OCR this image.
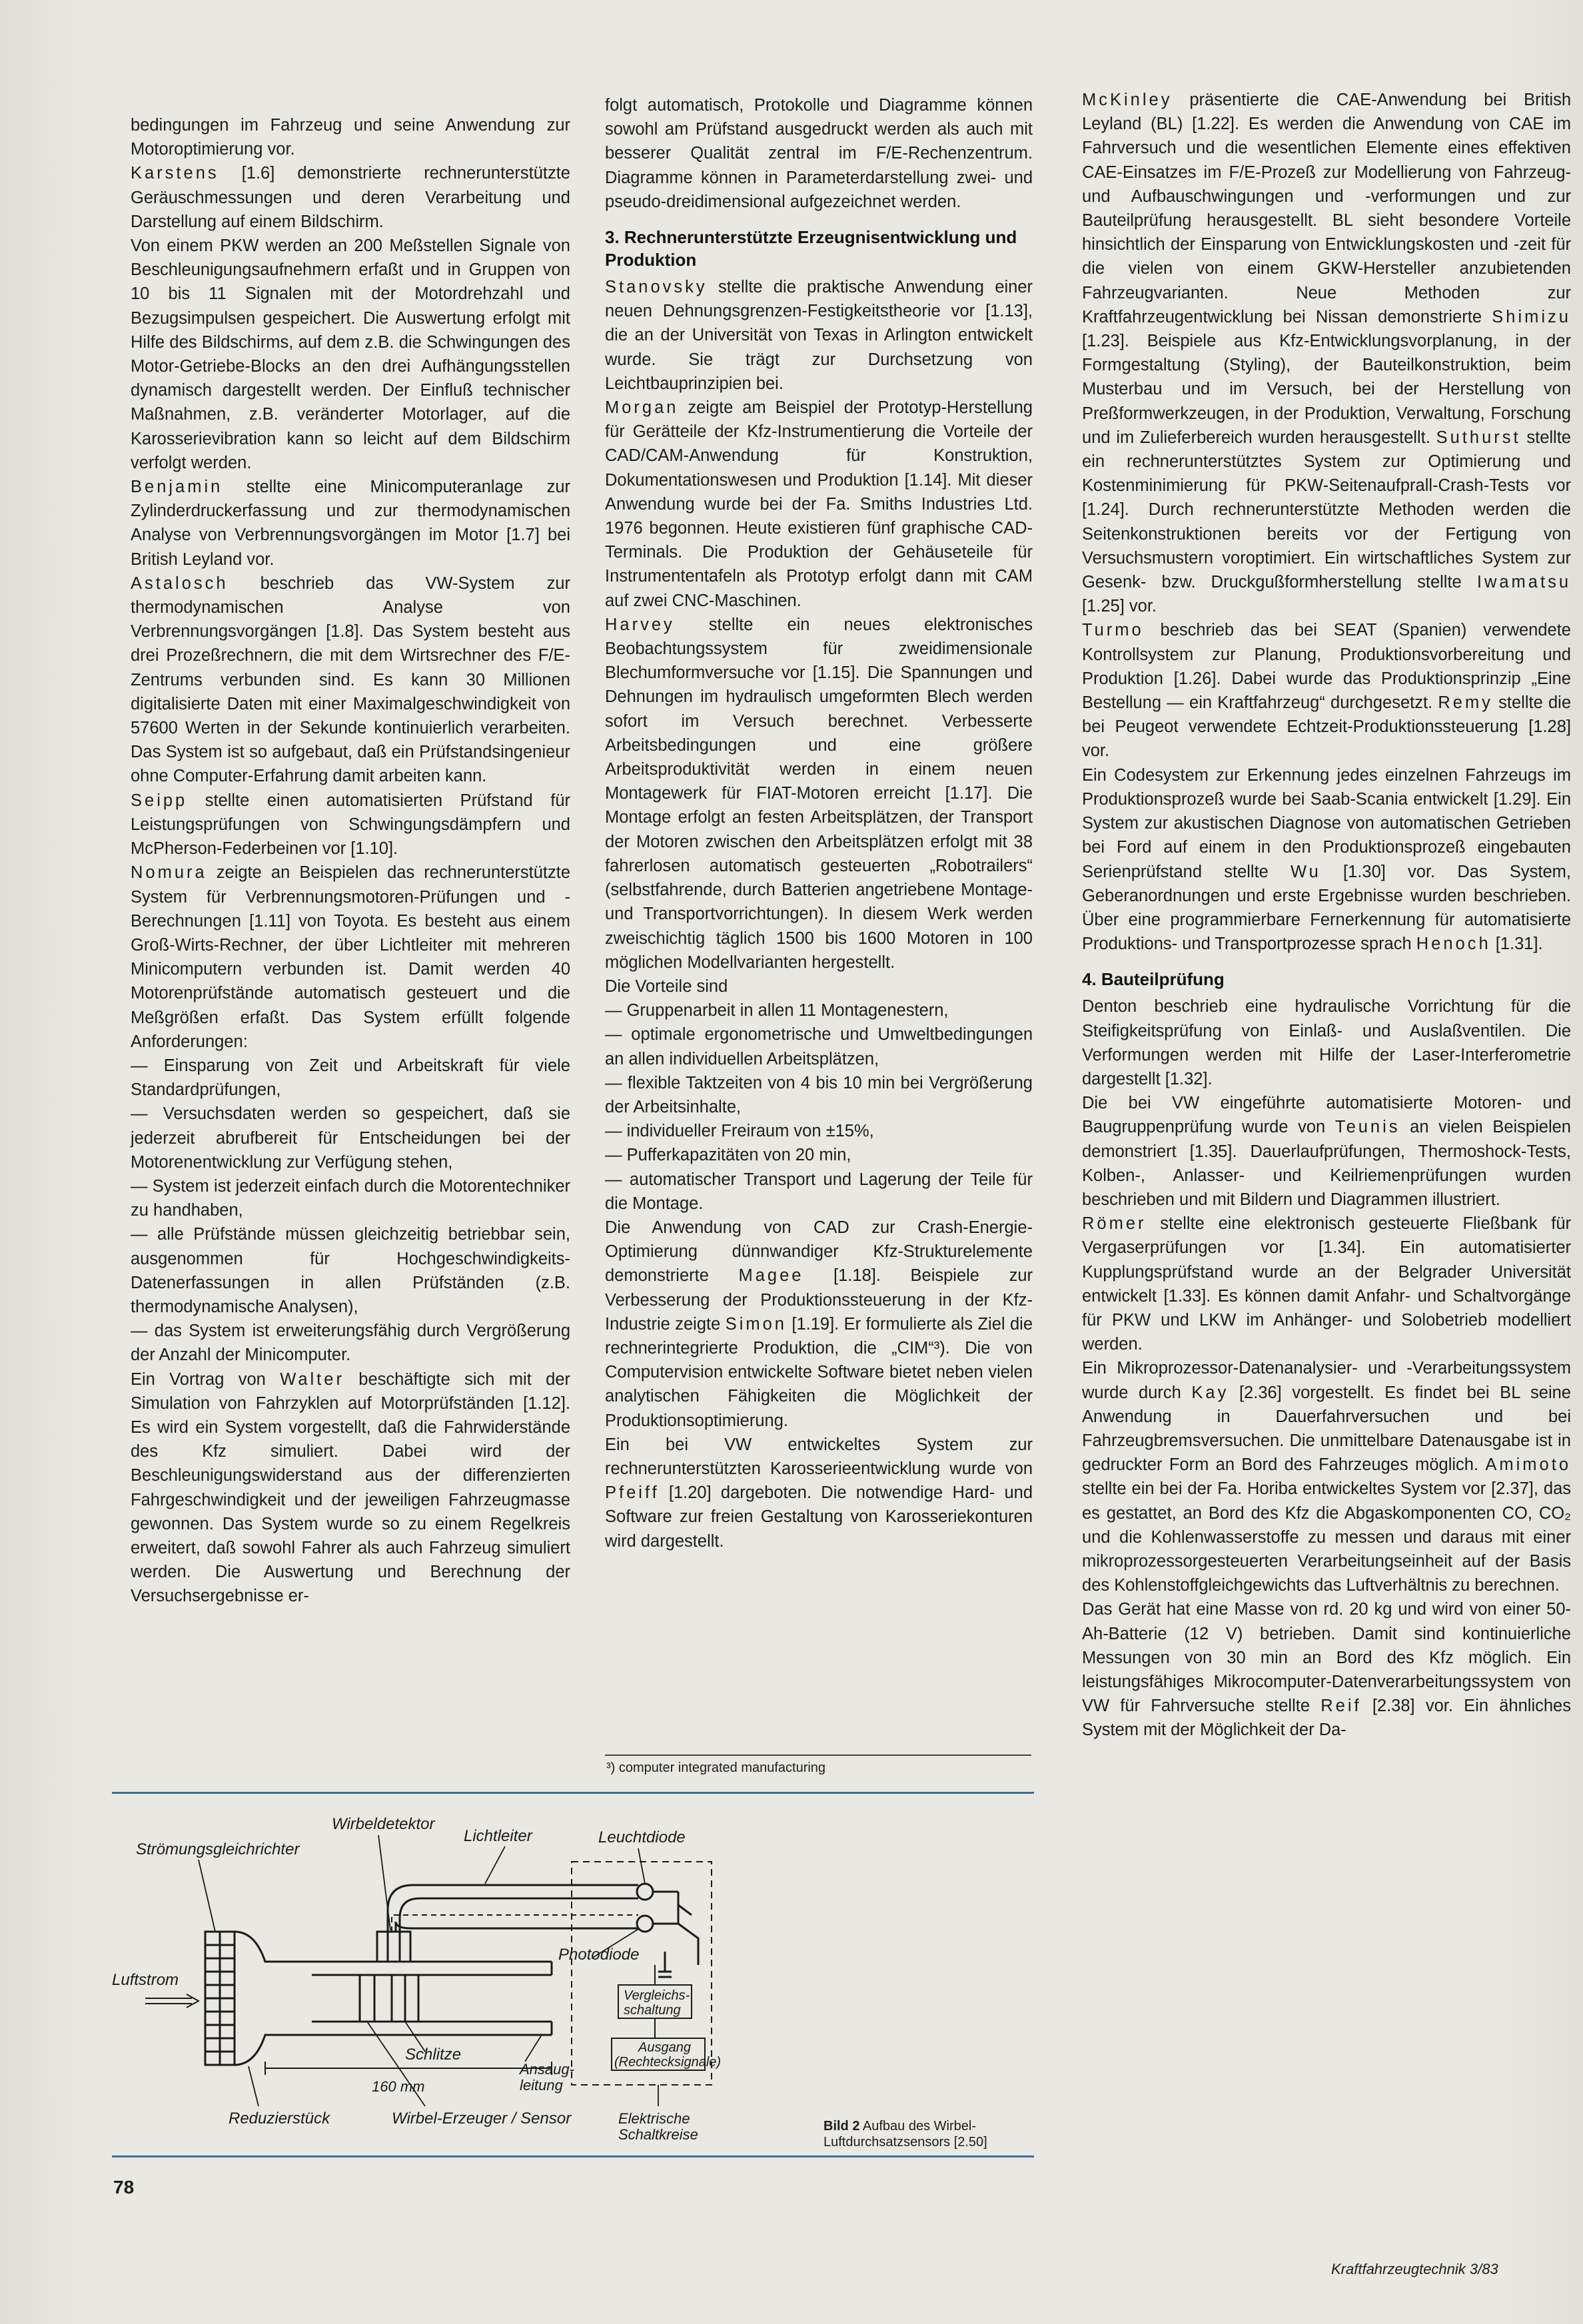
bedingungen im Fahrzeug und seine Anwendung zur Motoroptimierung vor.

Karstens [1.6] demonstrierte rechnerunterstützte Geräuschmessungen und deren Verarbeitung und Darstellung auf einem Bildschirm.

Von einem PKW werden an 200 Meßstellen Signale von Beschleunigungsaufnehmern erfaßt und in Gruppen von 10 bis 11 Signalen mit der Motordrehzahl und Bezugsimpulsen gespeichert. Die Auswertung erfolgt mit Hilfe des Bildschirms, auf dem z.B. die Schwingungen des Motor-Getriebe-Blocks an den drei Aufhängungsstellen dynamisch dargestellt werden. Der Einfluß technischer Maßnahmen, z.B. veränderter Motorlager, auf die Karosserievibration kann so leicht auf dem Bildschirm verfolgt werden.

Benjamin stellte eine Minicomputeranlage zur Zylinderdruckerfassung und zur thermodynamischen Analyse von Verbrennungsvorgängen im Motor [1.7] bei British Leyland vor.

Astalosch beschrieb das VW-System zur thermodynamischen Analyse von Verbrennungsvorgängen [1.8]. Das System besteht aus drei Prozeßrechnern, die mit dem Wirtsrechner des F/E-Zentrums verbunden sind. Es kann 30 Millionen digitalisierte Daten mit einer Maximalgeschwindigkeit von 57600 Werten in der Sekunde kontinuierlich verarbeiten. Das System ist so aufgebaut, daß ein Prüfstandsingenieur ohne Computer-Erfahrung damit arbeiten kann.

Seipp stellte einen automatisierten Prüfstand für Leistungsprüfungen von Schwingungsdämpfern und McPherson-Federbeinen vor [1.10].

Nomura zeigte an Beispielen das rechnerunterstützte System für Verbrennungsmotoren-Prüfungen und -Berechnungen [1.11] von Toyota. Es besteht aus einem Groß-Wirts-Rechner, der über Lichtleiter mit mehreren Minicomputern verbunden ist. Damit werden 40 Motorenprüfstände automatisch gesteuert und die Meßgrößen erfaßt. Das System erfüllt folgende Anforderungen:

— Einsparung von Zeit und Arbeitskraft für viele Standardprüfungen,

— Versuchsdaten werden so gespeichert, daß sie jederzeit abrufbereit für Entscheidungen bei der Motorenentwicklung zur Verfügung stehen,

— System ist jederzeit einfach durch die Motorentechniker zu handhaben,

— alle Prüfstände müssen gleichzeitig betriebbar sein, ausgenommen für Hochgeschwindigkeits-Datenerfassungen in allen Prüfständen (z.B. thermodynamische Analysen),

— das System ist erweiterungsfähig durch Vergrößerung der Anzahl der Minicomputer.

Ein Vortrag von Walter beschäftigte sich mit der Simulation von Fahrzyklen auf Motorprüfständen [1.12]. Es wird ein System vorgestellt, daß die Fahrwiderstände des Kfz simuliert. Dabei wird der Beschleunigungswiderstand aus der differenzierten Fahrgeschwindigkeit und der jeweiligen Fahrzeugmasse gewonnen. Das System wurde so zu einem Regelkreis erweitert, daß sowohl Fahrer als auch Fahrzeug simuliert werden. Die Auswertung und Berechnung der Versuchsergebnisse er-

folgt automatisch, Protokolle und Diagramme können sowohl am Prüfstand ausgedruckt werden als auch mit besserer Qualität zentral im F/E-Rechenzentrum. Diagramme können in Parameterdarstellung zwei- und pseudo-dreidimensional aufgezeichnet werden.

3. Rechnerunterstützte Erzeugnisentwicklung und Produktion

Stanovsky stellte die praktische Anwendung einer neuen Dehnungsgrenzen-Festigkeitstheorie vor [1.13], die an der Universität von Texas in Arlington entwickelt wurde. Sie trägt zur Durchsetzung von Leichtbauprinzipien bei.

Morgan zeigte am Beispiel der Prototyp-Herstellung für Gerätteile der Kfz-Instrumentierung die Vorteile der CAD/CAM-Anwendung für Konstruktion, Dokumentationswesen und Produktion [1.14]. Mit dieser Anwendung wurde bei der Fa. Smiths Industries Ltd. 1976 begonnen. Heute existieren fünf graphische CAD-Terminals. Die Produktion der Gehäuseteile für Instrumententafeln als Prototyp erfolgt dann mit CAM auf zwei CNC-Maschinen.

Harvey stellte ein neues elektronisches Beobachtungssystem für zweidimensionale Blechumformversuche vor [1.15]. Die Spannungen und Dehnungen im hydraulisch umgeformten Blech werden sofort im Versuch berechnet. Verbesserte Arbeitsbedingungen und eine größere Arbeitsproduktivität werden in einem neuen Montagewerk für FIAT-Motoren erreicht [1.17]. Die Montage erfolgt an festen Arbeitsplätzen, der Transport der Motoren zwischen den Arbeitsplätzen erfolgt mit 38 fahrerlosen automatisch gesteuerten „Robotrailers“ (selbstfahrende, durch Batterien angetriebene Montage- und Transportvorrichtungen). In diesem Werk werden zweischichtig täglich 1500 bis 1600 Motoren in 100 möglichen Modellvarianten hergestellt.

Die Vorteile sind

— Gruppenarbeit in allen 11 Montagenestern,

— optimale ergonometrische und Umweltbedingungen an allen individuellen Arbeitsplätzen,

— flexible Taktzeiten von 4 bis 10 min bei Vergrößerung der Arbeitsinhalte,

— individueller Freiraum von ±15%,

— Pufferkapazitäten von 20 min,

— automatischer Transport und Lagerung der Teile für die Montage.

Die Anwendung von CAD zur Crash-Energie-Optimierung dünnwandiger Kfz-Strukturelemente demonstrierte Magee [1.18]. Beispiele zur Verbesserung der Produktionssteuerung in der Kfz-Industrie zeigte Simon [1.19]. Er formulierte als Ziel die rechnerintegrierte Produktion, die „CIM“³). Die von Computervision entwickelte Software bietet neben vielen analytischen Fähigkeiten die Möglichkeit der Produktionsoptimierung.

Ein bei VW entwickeltes System zur rechnerunterstützten Karosserieentwicklung wurde von Pfeiff [1.20] dargeboten. Die notwendige Hard- und Software zur freien Gestaltung von Karosseriekonturen wird dargestellt.

McKinley präsentierte die CAE-Anwendung bei British Leyland (BL) [1.22]. Es werden die Anwendung von CAE im Fahrversuch und die wesentlichen Elemente eines effektiven CAE-Einsatzes im F/E-Prozeß zur Modellierung von Fahrzeug- und Aufbauschwingungen und -verformungen und zur Bauteilprüfung herausgestellt. BL sieht besondere Vorteile hinsichtlich der Einsparung von Entwicklungskosten und -zeit für die vielen von einem GKW-Hersteller anzubietenden Fahrzeugvarianten. Neue Methoden zur Kraftfahrzeugentwicklung bei Nissan demonstrierte Shimizu [1.23]. Beispiele aus Kfz-Entwicklungsvorplanung, in der Formgestaltung (Styling), der Bauteilkonstruktion, beim Musterbau und im Versuch, bei der Herstellung von Preßformwerkzeugen, in der Produktion, Verwaltung, Forschung und im Zulieferbereich wurden herausgestellt. Suthurst stellte ein rechnerunterstütztes System zur Optimierung und Kostenminimierung für PKW-Seitenaufprall-Crash-Tests vor [1.24]. Durch rechnerunterstützte Methoden werden die Seitenkonstruktionen bereits vor der Fertigung von Versuchsmustern voroptimiert. Ein wirtschaftliches System zur Gesenk- bzw. Druckgußformherstellung stellte Iwamatsu [1.25] vor.

Turmo beschrieb das bei SEAT (Spanien) verwendete Kontrollsystem zur Planung, Produktionsvorbereitung und Produktion [1.26]. Dabei wurde das Produktionsprinzip „Eine Bestellung — ein Kraftfahrzeug“ durchgesetzt. Remy stellte die bei Peugeot verwendete Echtzeit-Produktionssteuerung [1.28] vor.

Ein Codesystem zur Erkennung jedes einzelnen Fahrzeugs im Produktionsprozeß wurde bei Saab-Scania entwickelt [1.29]. Ein System zur akustischen Diagnose von automatischen Getrieben bei Ford auf einem in den Produktionsprozeß eingebauten Serienprüfstand stellte Wu [1.30] vor. Das System, Geberanordnungen und erste Ergebnisse wurden beschrieben. Über eine programmierbare Fernerkennung für automatisierte Produktions- und Transportprozesse sprach Henoch [1.31].

4. Bauteilprüfung

Denton beschrieb eine hydraulische Vorrichtung für die Steifigkeitsprüfung von Einlaß- und Auslaßventilen. Die Verformungen werden mit Hilfe der Laser-Interferometrie dargestellt [1.32].

Die bei VW eingeführte automatisierte Motoren- und Baugruppenprüfung wurde von Teunis an vielen Beispielen demonstriert [1.35]. Dauerlaufprüfungen, Thermoshock-Tests, Kolben-, Anlasser- und Keilriemenprüfungen wurden beschrieben und mit Bildern und Diagrammen illustriert.

Römer stellte eine elektronisch gesteuerte Fließbank für Vergaserprüfungen vor [1.34]. Ein automatisierter Kupplungsprüfstand wurde an der Belgrader Universität entwickelt [1.33]. Es können damit Anfahr- und Schaltvorgänge für PKW und LKW im Anhänger- und Solobetrieb modelliert werden.

Ein Mikroprozessor-Datenanalysier- und -Verarbeitungssystem wurde durch Kay [2.36] vorgestellt. Es findet bei BL seine Anwendung in Dauerfahrversuchen und bei Fahrzeugbremsversuchen. Die unmittelbare Datenausgabe ist in gedruckter Form an Bord des Fahrzeuges möglich. Amimoto stellte ein bei der Fa. Horiba entwickeltes System vor [2.37], das es gestattet, an Bord des Kfz die Abgaskomponenten CO, CO₂ und die Kohlenwasserstoffe zu messen und daraus mit einer mikroprozessorgesteuerten Verarbeitungseinheit auf der Basis des Kohlenstoffgleichgewichts das Luftverhältnis zu berechnen.

Das Gerät hat eine Masse von rd. 20 kg und wird von einer 50-Ah-Batterie (12 V) betrieben. Damit sind kontinuierliche Messungen von 30 min an Bord des Kfz möglich. Ein leistungsfähiges Mikrocomputer-Datenverarbeitungssystem von VW für Fahrversuche stellte Reif [2.38] vor. Ein ähnliches System mit der Möglichkeit der Da-

³) computer integrated manufacturing
Wirbeldetektor
Lichtleiter	Leuchtdiode
Strömungsgleichrichter
Photodiode
Luftstrom
Vergleichs-
schaltung
Ausgang
(Rechtecksignale)
Schlitze
Ansaug-
leitung
160 mm
Reduzierstück	Wirbel-Erzeuger / Sensor	Elektrische
Schaltkreise	Bild 2 Aufbau des Wirbel-Luftdurchsatzsensors [2.50]
78
Kraftfahrzeugtechnik 3/83
